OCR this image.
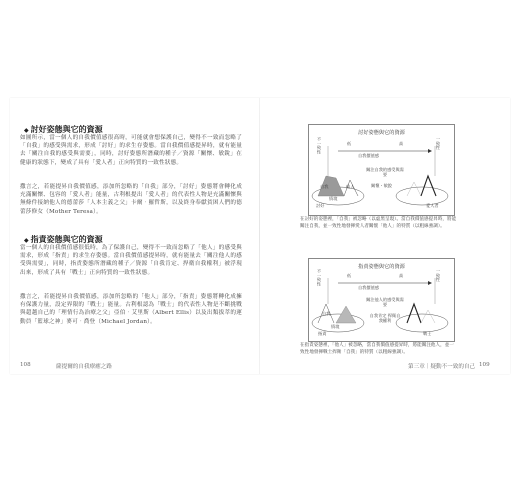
◆ 討好姿態與它的資源
如圖所示，當一個人的自我價值感很高時，可能就會想保護自己，變得不一致而忽略了「自我」的感受與需求，形成「討好」的求生存姿態。當自我價值感提昇時，就有能量去「關注自我的感受與需要」，同時，討好姿態所潛藏的種子／資源「關懷、敏銳」在健康的狀態下，變成了具有「愛人者」正向特質的一致性狀態。
撒言之，若能提昇自我價值感，添加所忽略的「自我」部分，「討好」姿態將會轉化成充滿關懷、包容的「愛人者」能量，古利根提出「愛人者」的代表性人物是充滿關懷與無條件接納他人的德蕾莎「人本主義之父」卡爾‧羅哲斯，以及終身奉獻貧困人們的德蕾莎修女（Mother Teresa）。
◆ 指責姿態與它的資源
當一個人的自我價值感很低時，為了保護自己，變得不一致而忽略了「他人」的感受與需求，形成「指責」的求生存姿態。當自我價值感提昇時，就有能量去「關注他人的感受與需要」，同時，指責姿態所潛藏的種子／資源「自我肯定、捍衛自我權利」被浮現出來，形成了具有「戰士」正向特質的一致性狀態。
撒言之，若能提昇自我價值感，添加所忽略的「他人」部分，「指責」姿態將轉化成擁有保護力量，設定界限的「戰士」能量。古利根認為「戰士」的代表性人物是不斷挑戰與超越自己的「理情行為治療之父」亞伯‧艾里斯（Albert Ellis）以及出類拔萃的運動員「籃球之神」麥可‧喬登（Michael Jordan）。
108	薩提爾的自我療癒之路
討好姿態與它的資源
不一致性	一致性
低	高
自我價值感
關注自我的感受與需要
關懷・敏銳
自我
情境
他人
討好	愛人者
在討好的姿態裡，「自我」被忽略（以虛黑呈現）。當自我價值感提昇時，將能關注自我，並一致性地發揮愛人者關懷「他人」的特質（以粗線強調）。
指責姿態與它的資源
不一致性	一致性
低	高
自我價值感
關注他人的感受與需要
自我肯定 捍衛自我權利
自我
情境
指責	戰士
在指責姿態裡，「他人」被忽略，當自我價值感提昇時，將能關注他人，並一致性地發揮戰士捍衛「自我」的特質（以粗線強調）。
第三章｜疑動不一致的自己 109
